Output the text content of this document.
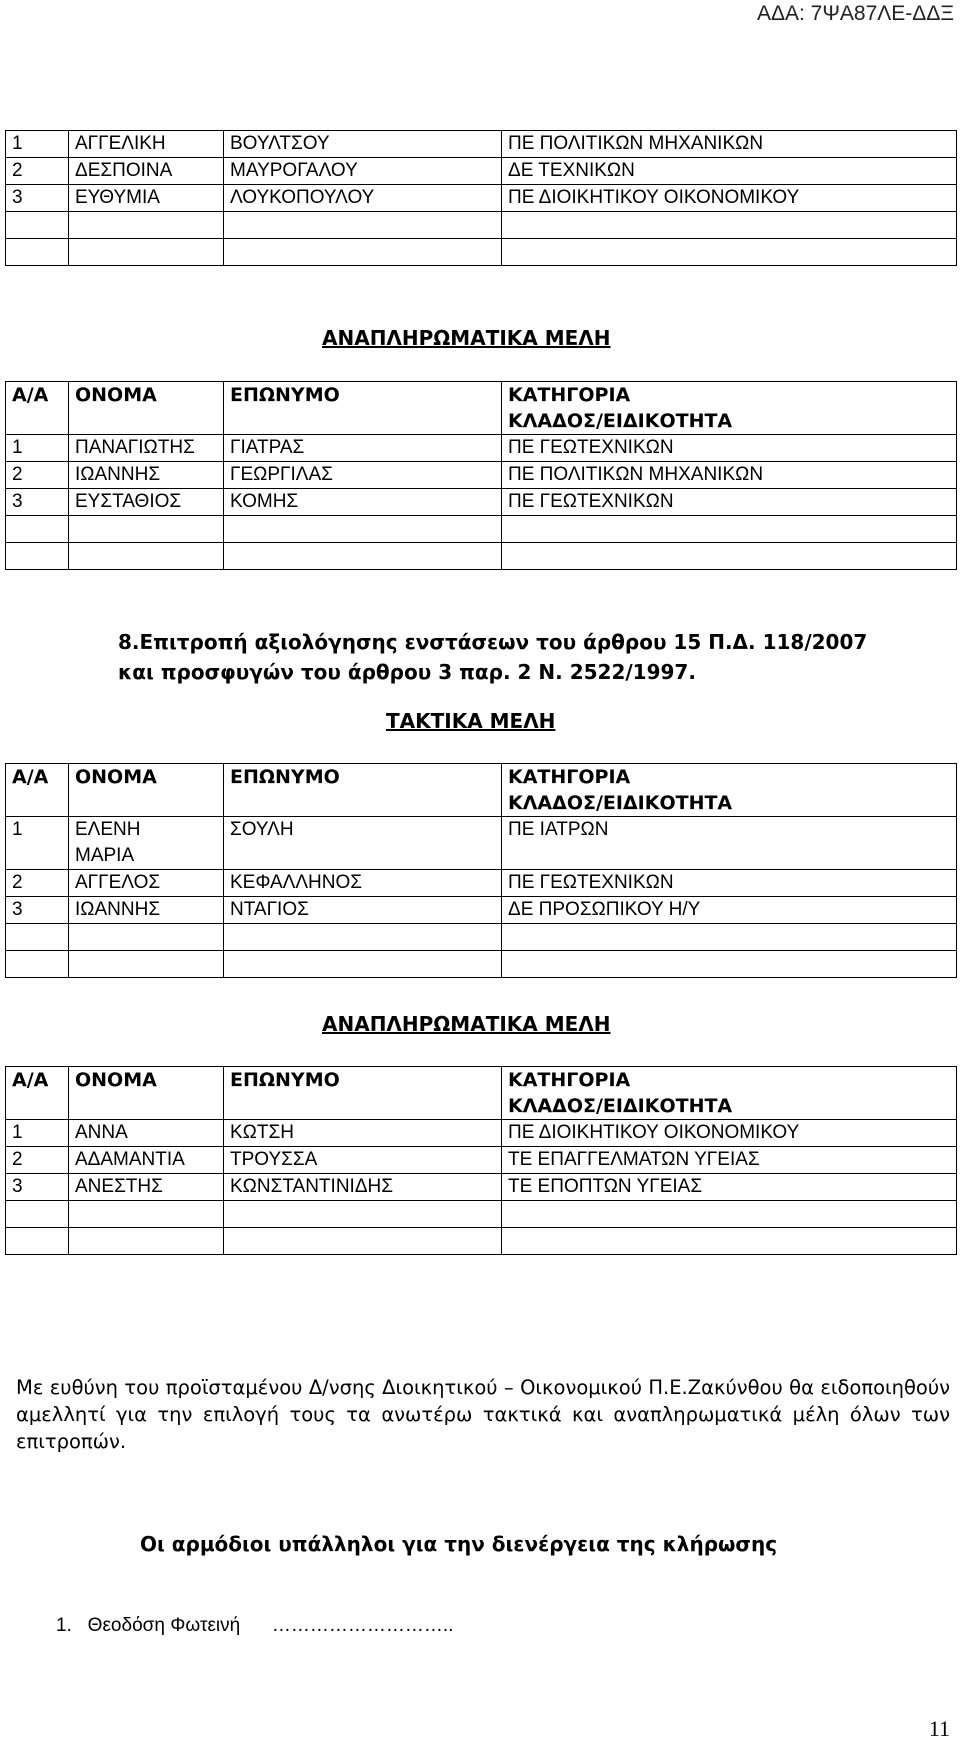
ΑΔΑ: 7ΨΑ87ΛΕ-ΔΔΞ
1	ΑΓΓΕΛΙΚΗ	ΒΟΥΛΤΣΟΥ	ΠΕ ΠΟΛΙΤΙΚΩΝ ΜΗΧΑΝΙΚΩΝ
2	ΔΕΣΠΟΙΝΑ	ΜΑΥΡΟΓΑΛΟΥ	ΔΕ ΤΕΧΝΙΚΩΝ
3	ΕΥΘΥΜΙΑ	ΛΟΥΚΟΠΟΥΛΟΥ	ΠΕ ΔΙΟΙΚΗΤΙΚΟΥ ΟΙΚΟΝΟΜΙΚΟΥ

ΑΝΑΠΛΗΡΩΜΑΤΙΚΑ ΜΕΛΗ
Α/Α	ΟΝΟΜΑ	ΕΠΩΝΥΜΟ	ΚΑΤΗΓΟΡΙΑ
ΚΛΑΔΟΣ/ΕΙΔΙΚΟΤΗΤΑ

1	ΠΑΝΑΓΙΩΤΗΣ	ΓΙΑΤΡΑΣ	ΠΕ ΓΕΩΤΕΧΝΙΚΩΝ
2	ΙΩΑΝΝΗΣ	ΓΕΩΡΓΙΛΑΣ	ΠΕ ΠΟΛΙΤΙΚΩΝ ΜΗΧΑΝΙΚΩΝ
3	ΕΥΣΤΑΘΙΟΣ	ΚΟΜΗΣ	ΠΕ ΓΕΩΤΕΧΝΙΚΩΝ

8.Επιτροπή αξιολόγησης ενστάσεων του άρθρου 15 Π.Δ. 118/2007
και προσφυγών του άρθρου 3 παρ. 2 Ν. 2522/1997.
ΤΑΚΤΙΚΑ ΜΕΛΗ
Α/Α	ΟΝΟΜΑ	ΕΠΩΝΥΜΟ	ΚΑΤΗΓΟΡΙΑ
ΚΛΑΔΟΣ/ΕΙΔΙΚΟΤΗΤΑ

1	ΕΛΕΝΗ
ΜΑΡΙΑ	ΣΟΥΛΗ	ΠΕ ΙΑΤΡΩΝ
2	ΑΓΓΕΛΟΣ	ΚΕΦΑΛΛΗΝΟΣ	ΠΕ ΓΕΩΤΕΧΝΙΚΩΝ
3	ΙΩΑΝΝΗΣ	ΝΤΑΓΙΟΣ	ΔΕ ΠΡΟΣΩΠΙΚΟΥ Η/Υ

ΑΝΑΠΛΗΡΩΜΑΤΙΚΑ ΜΕΛΗ
Α/Α	ΟΝΟΜΑ	ΕΠΩΝΥΜΟ	ΚΑΤΗΓΟΡΙΑ
ΚΛΑΔΟΣ/ΕΙΔΙΚΟΤΗΤΑ

1	ΑΝΝΑ	ΚΩΤΣΗ	ΠΕ ΔΙΟΙΚΗΤΙΚΟΥ ΟΙΚΟΝΟΜΙΚΟΥ
2	ΑΔΑΜΑΝΤΙΑ	ΤΡΟΥΣΣΑ	ΤΕ ΕΠΑΓΓΕΛΜΑΤΩΝ ΥΓΕΙΑΣ
3	ΑΝΕΣΤΗΣ	ΚΩΝΣΤΑΝΤΙΝΙΔΗΣ	ΤΕ ΕΠΟΠΤΩΝ ΥΓΕΙΑΣ

Με ευθύνη του προϊσταμένου Δ/νσης Διοικητικού – Οικονομικού Π.Ε.Ζακύνθου θα ειδοποιηθούν αμελλητί για την επιλογή τους τα ανωτέρω τακτικά και αναπληρωματικά μέλη όλων των επιτροπών.
Οι αρμόδιοι υπάλληλοι για την διενέργεια της κλήρωσης
1.   Θεοδόση Φωτεινή      ………………………..
11
